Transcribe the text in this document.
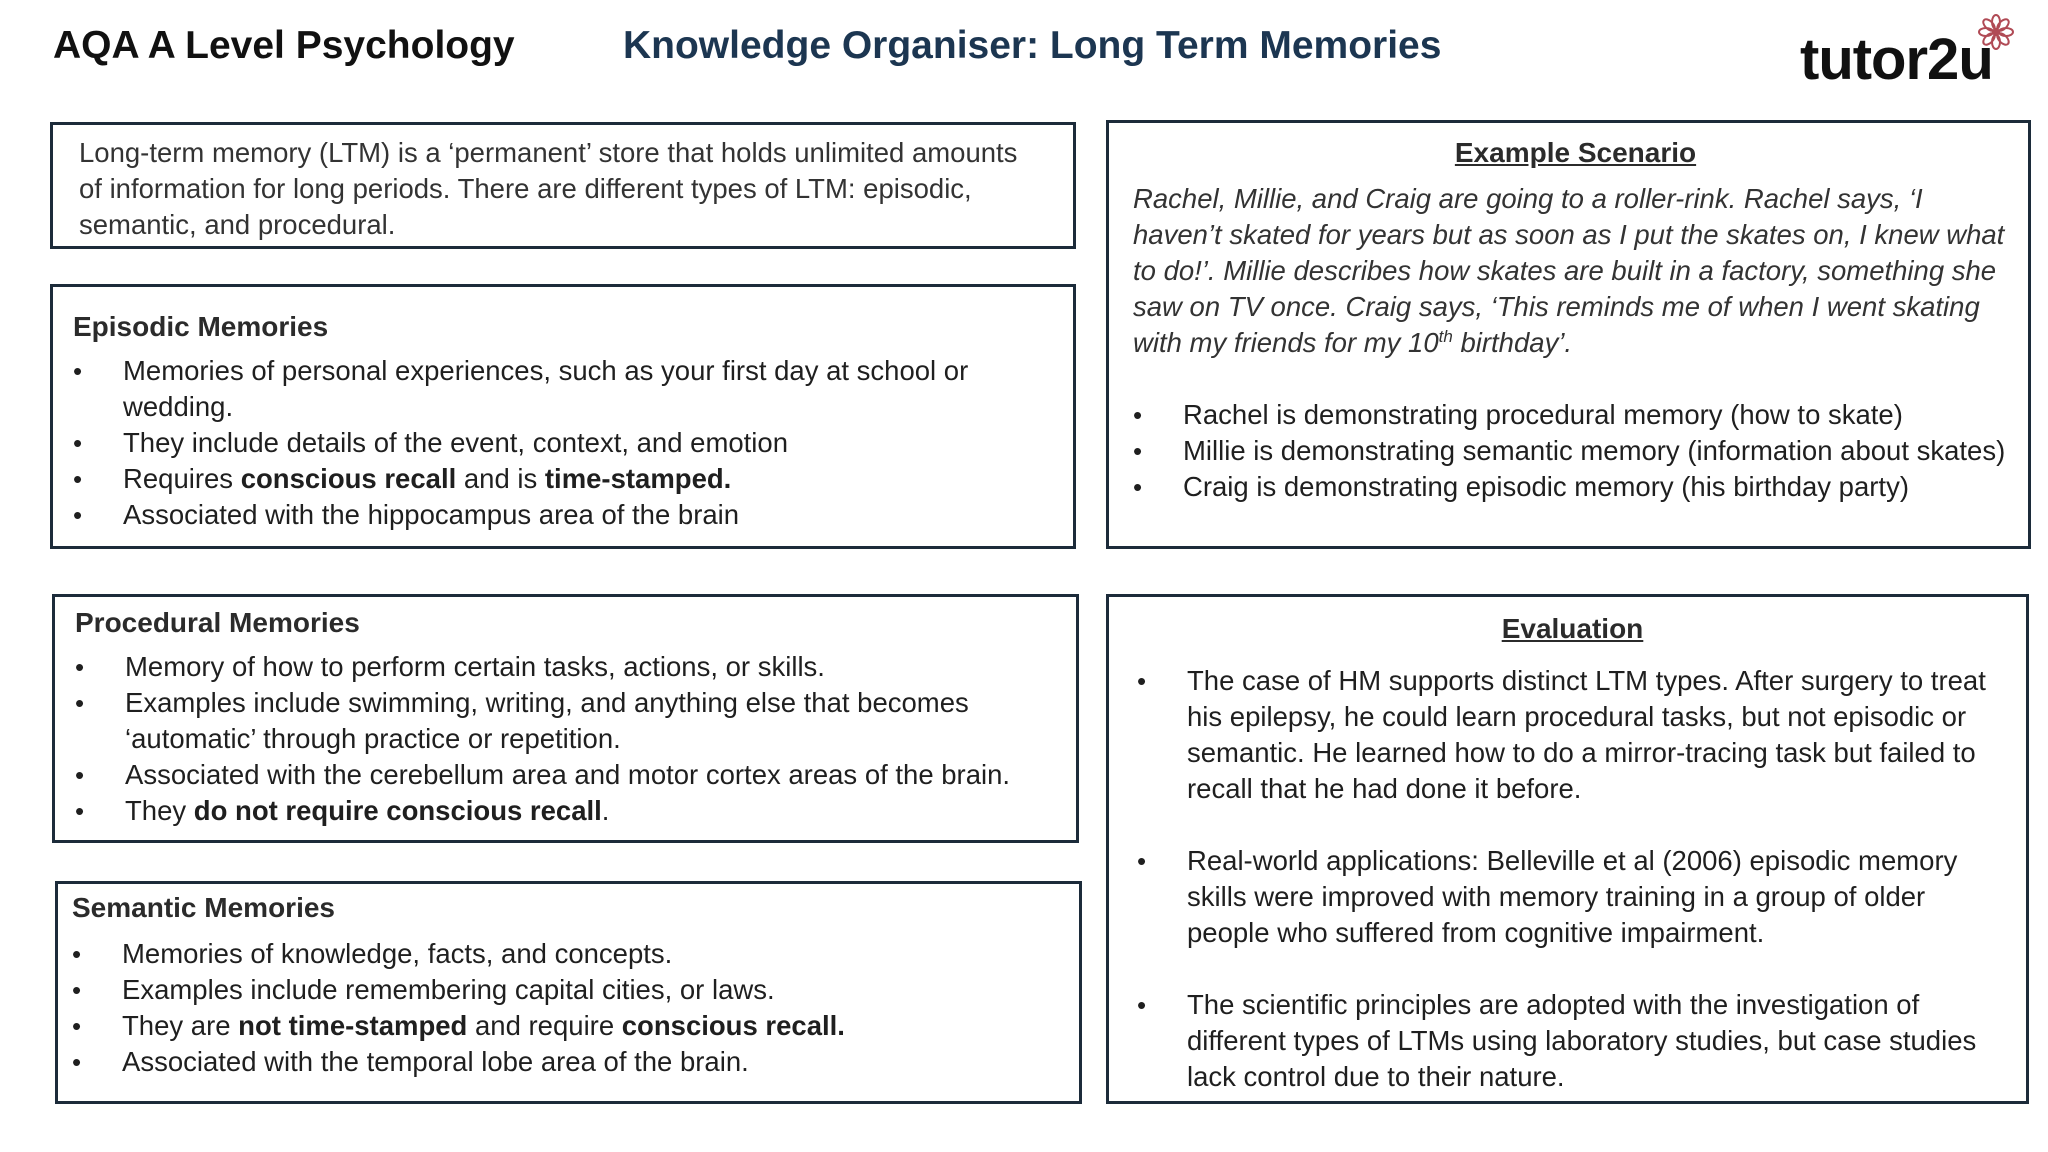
AQA A Level Psychology	Knowledge Organiser: Long Term Memories	tutor2u
Long-term memory (LTM) is a ‘permanent’ store that holds unlimited amounts of information for long periods. There are different types of LTM: episodic, semantic, and procedural.
Episodic Memories
•	Memories of personal experiences, such as your first day at school or wedding.
•	They include details of the event, context, and emotion
•	Requires conscious recall and is time-stamped.
•	Associated with the hippocampus area of the brain
Procedural Memories
•	Memory of how to perform certain tasks, actions, or skills.
•	Examples include swimming, writing, and anything else that becomes ‘automatic’ through practice or repetition.
•	Associated with the cerebellum area and motor cortex areas of the brain.
•	They do not require conscious recall.
Semantic Memories
•	Memories of knowledge, facts, and concepts.
•	Examples include remembering capital cities, or laws.
•	They are not time-stamped and require conscious recall.
•	Associated with the temporal lobe area of the brain.
Example Scenario
Rachel, Millie, and Craig are going to a roller-rink. Rachel says, ‘I haven’t skated for years but as soon as I put the skates on, I knew what to do!’. Millie describes how skates are built in a factory, something she saw on TV once. Craig says, ‘This reminds me of when I went skating with my friends for my 10th birthday’.
•	Rachel is demonstrating procedural memory (how to skate)
•	Millie is demonstrating semantic memory (information about skates)
•	Craig is demonstrating episodic memory (his birthday party)
Evaluation
•	The case of HM supports distinct LTM types. After surgery to treat his epilepsy, he could learn procedural tasks, but not episodic or semantic. He learned how to do a mirror-tracing task but failed to recall that he had done it before.
•	Real-world applications: Belleville et al (2006) episodic memory skills were improved with memory training in a group of older people who suffered from cognitive impairment.
•	The scientific principles are adopted with the investigation of different types of LTMs using laboratory studies, but case studies lack control due to their nature.
